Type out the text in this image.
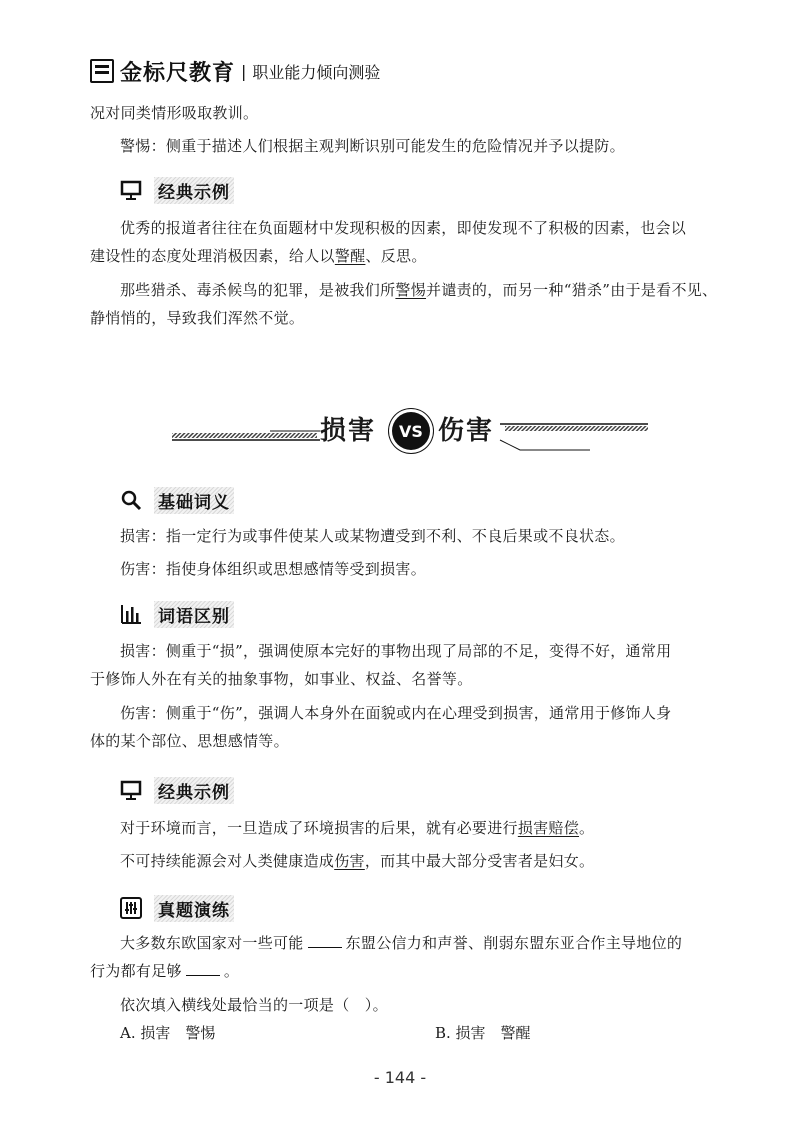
金标尺教育 | 职业能力倾向测验
况对同类情形吸取教训。
警惕：侧重于描述人们根据主观判断识别可能发生的危险情况并予以提防。
经典示例
优秀的报道者往往在负面题材中发现积极的因素，即使发现不了积极的因素，也会以
建设性的态度处理消极因素，给人以警醒、反思。
那些猎杀、毒杀候鸟的犯罪，是被我们所警惕并谴责的，而另一种“猎杀”由于是看不见、
静悄悄的，导致我们浑然不觉。
损害	VS 伤害
基础词义
损害：指一定行为或事件使某人或某物遭受到不利、不良后果或不良状态。
伤害：指使身体组织或思想感情等受到损害。
词语区别
损害：侧重于“损”，强调使原本完好的事物出现了局部的不足，变得不好，通常用
于修饰人外在有关的抽象事物，如事业、权益、名誉等。
伤害：侧重于“伤”，强调人本身外在面貌或内在心理受到损害，通常用于修饰人身
体的某个部位、思想感情等。
经典示例
对于环境而言，一旦造成了环境损害的后果，就有必要进行损害赔偿。
不可持续能源会对人类健康造成伤害，而其中最大部分受害者是妇女。
真题演练
大多数东欧国家对一些可能	东盟公信力和声誉、削弱东盟东亚合作主导地位的
行为都有足够	。
依次填入横线处最恰当的一项是（　）。
A. 损害　警惕	B. 损害　警醒
- 144 -
